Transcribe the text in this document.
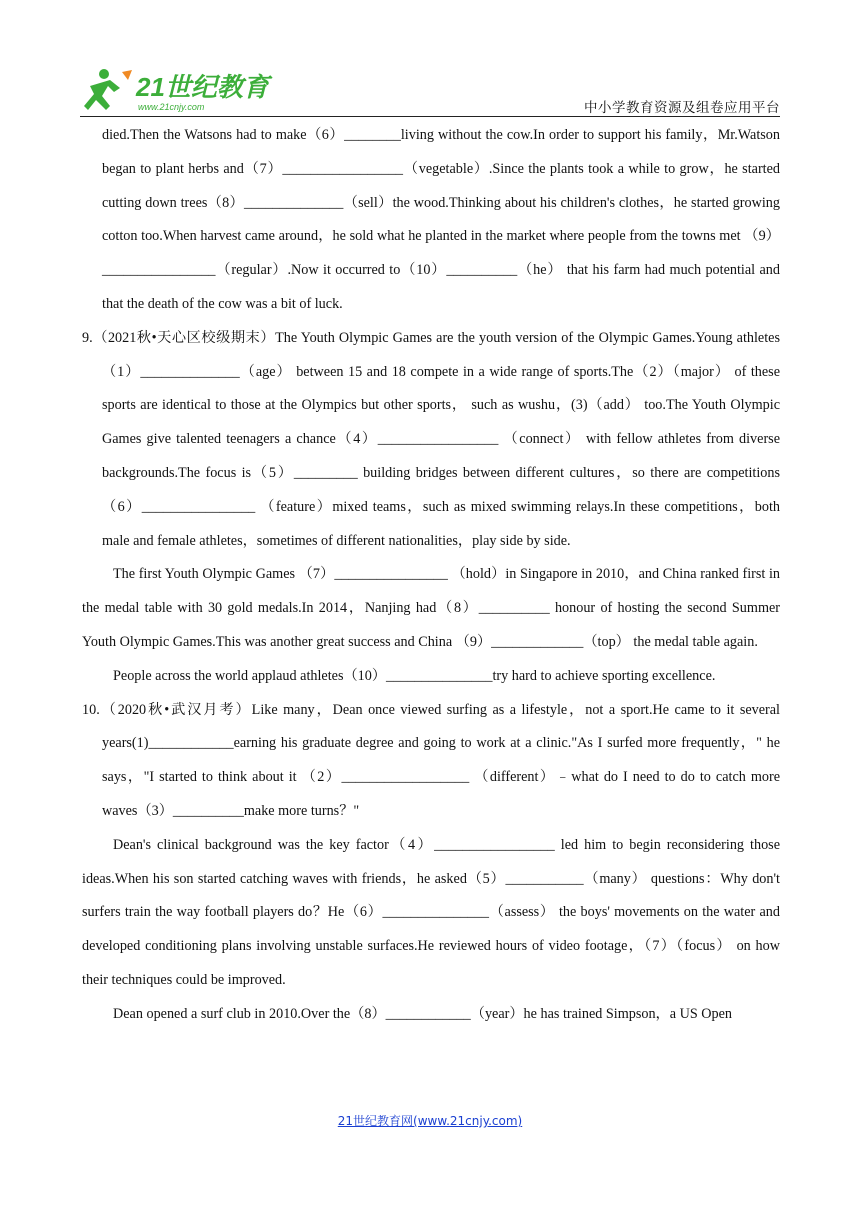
21世纪教育
www.21cnjy.com	中小学教育资源及组卷应用平台

died.Then the Watsons had to make（6）________living without the cow.In order to support his family，Mr.Watson began to plant herbs and（7）_________________（vegetable）.Since the plants took a while to grow，he started cutting down trees（8）______________（sell）the wood.Thinking about his children's clothes，he started growing cotton too.When harvest came around，he sold what he planted in the market where people from the towns met （9）________________（regular）.Now it occurred to（10）__________（he） that his farm had much potential and that the death of the cow was a bit of luck.

9.（2021秋•天心区校级期末）The Youth Olympic Games are the youth version of the Olympic Games.Young athletes（1）______________（age） between 15 and 18 compete in a wide range of sports.The（2）（major） of these sports are identical to those at the Olympics but other sports， such as wushu，(3)（add） too.The Youth Olympic Games give talented teenagers a chance（4）_________________ （connect） with fellow athletes from diverse backgrounds.The focus is（5）_________ building bridges between different cultures，so there are competitions （6）________________ （feature）mixed teams，such as mixed swimming relays.In these competitions，both male and female athletes，sometimes of different nationalities，play side by side.

The first Youth Olympic Games （7）________________ （hold）in Singapore in 2010，and China ranked first in the medal table with 30 gold medals.In 2014，Nanjing had（8）__________ honour of hosting the second Summer Youth Olympic Games.This was another great success and China （9）_____________（top） the medal table again.

People across the world applaud athletes（10）_______________try hard to achieve sporting excellence.

10.（2020秋•武汉月考）Like many，Dean once viewed surfing as a lifestyle，not a sport.He came to it several years(1)____________earning his graduate degree and going to work at a clinic."As I surfed more frequently，" he says，"I started to think about it （2）__________________ （different）﹣what do I need to do to catch more waves（3）__________make more turns？"

Dean's clinical background was the key factor（4）_________________ led him to begin reconsidering those ideas.When his son started catching waves with friends，he asked（5）___________（many） questions：Why don't surfers train the way football players do？He（6）_______________（assess） the boys' movements on the water and developed conditioning plans involving unstable surfaces.He reviewed hours of video footage，（7）（focus） on how their techniques could be improved.

Dean opened a surf club in 2010.Over the（8）____________（year）he has trained Simpson，a US Open

21世纪教育网(www.21cnjy.com)
